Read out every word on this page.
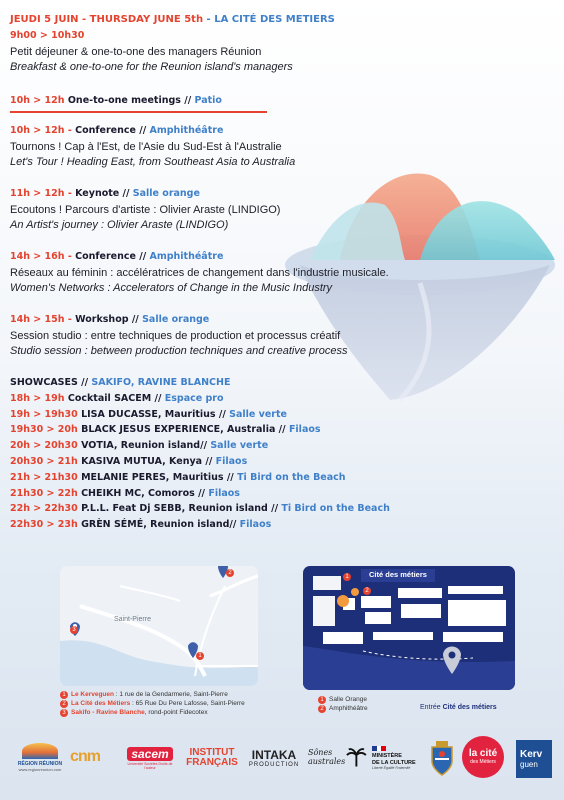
JEUDI 5 JUIN - THURSDAY JUNE 5th - LA CITÉ DES METIERS
9h00 > 10h30
Petit déjeuner & one-to-one des managers Réunion
Breakfast & one-to-one for the Reunion island's managers
10h > 12h One-to-one meetings // Patio
10h > 12h - Conference // Amphithéâtre
Tournons ! Cap à l'Est, de l'Asie du Sud-Est à l'Australie
Let's Tour ! Heading East, from Southeast Asia to Australia
11h > 12h - Keynote // Salle orange
Ecoutons ! Parcours d'artiste : Olivier Araste (LINDIGO)
An Artist's journey : Olivier Araste (LINDIGO)
14h > 16h - Conference // Amphithéâtre
Réseaux au féminin : accélératrices de changement dans l'industrie musicale.
Women's Networks : Accelerators of Change in the Music Industry
14h > 15h - Workshop // Salle orange
Session studio : entre techniques de production et processus créatif
Studio session : between production techniques and creative process
SHOWCASES // SAKIFO, RAVINE BLANCHE
18h > 19h Cocktail SACEM // Espace pro
19h > 19h30 LISA DUCASSE, Mauritius // Salle verte
19h30 > 20h BLACK JESUS EXPERIENCE, Australia // Filaos
20h > 20h30 VOTIA, Reunion island// Salle verte
20h30 > 21h KASIVA MUTUA, Kenya // Filaos
21h > 21h30 MELANIE PERES, Mauritius // Ti Bird on the Beach
21h30 > 22h CHEIKH MC, Comoros // Filaos
22h > 22h30 P.L.L. Feat Dj SEBB, Reunion island // Ti Bird on the Beach
22h30 > 23h GRÈN SÉMÉ, Reunion island// Filaos
Saint-Pierre
3
2
1
1 Le Kerveguen : 1 rue de la Gendarmerie, Saint-Pierre
2 La Cité des Métiers : 65 Rue Du Pere Lafosse, Saint-Pierre
3 Sakifo - Ravine Blanche, rond-point Fidecotex
Cité des métiers
1
2
1 Salle Orange
2 Amphithéâtre	Entrée Cité des métiers
RÉGION RÉUNION
www.regionreunion.com
cnm	sacem
Université Sociétés Droits de l'auteur
INSTITUT
FRANÇAIS
INTAKA
PRODUCTION
Sônes
australes
MINISTÈRE
DE LA CULTURE
Liberté Égalité Fraternité
la cité
des Métiers
Kerv
guen
